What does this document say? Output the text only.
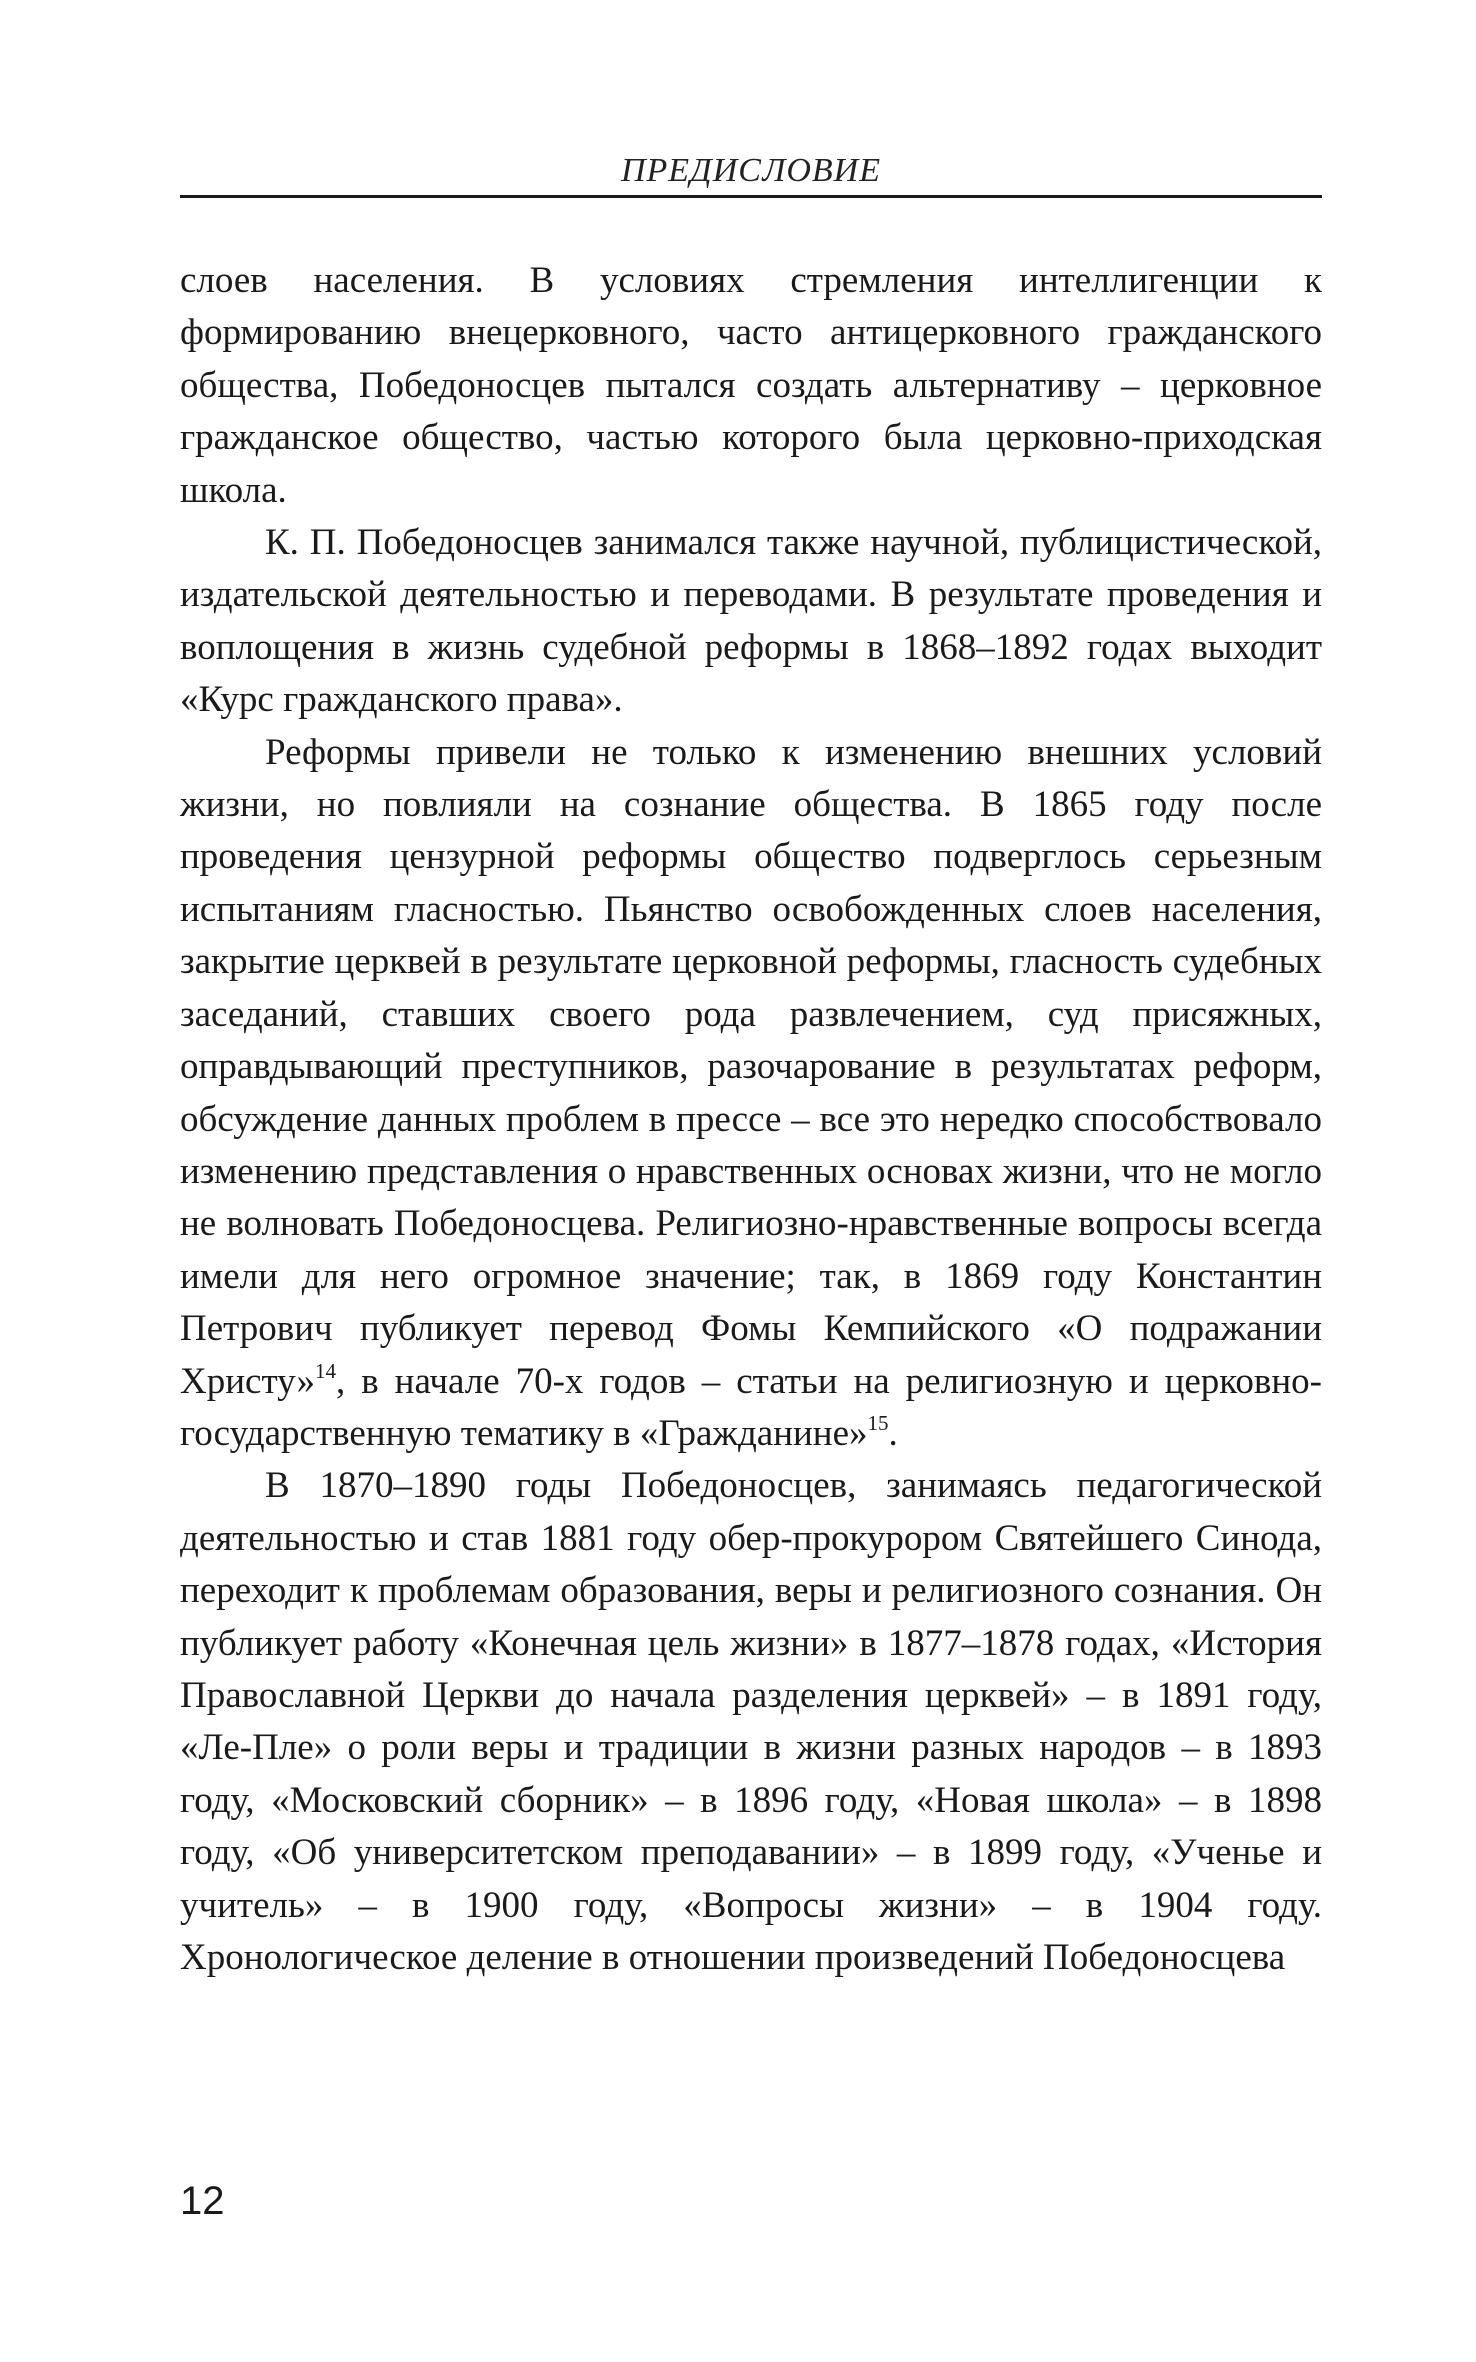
ПРЕДИСЛОВИЕ

слоев населения. В условиях стремления интеллигенции к формированию внецерковного, часто антицерковного гражданского общества, Победоносцев пытался создать альтернативу – церковное гражданское общество, частью которого была церковно-приходская школа.

К. П. Победоносцев занимался также научной, публицистической, издательской деятельностью и переводами. В результате проведения и воплощения в жизнь судебной реформы в 1868–1892 годах выходит «Курс гражданского права».

Реформы привели не только к изменению внешних условий жизни, но повлияли на сознание общества. В 1865 году после проведения цензурной реформы общество подверглось серьезным испытаниям гласностью. Пьянство освобожденных слоев населения, закрытие церквей в результате церковной реформы, гласность судебных заседаний, ставших своего рода развлечением, суд присяжных, оправдывающий преступников, разочарование в результатах реформ, обсуждение данных проблем в прессе – все это нередко способствовало изменению представления о нравственных основах жизни, что не могло не волновать Победоносцева. Религиозно-нравственные вопросы всегда имели для него огромное значение; так, в 1869 году Константин Петрович публикует перевод Фомы Кемпийского «О подражании Христу»$^{14}$, в начале 70-х годов – статьи на религиозную и церковно-государственную тематику в «Гражданине»$^{15}$.

В 1870–1890 годы Победоносцев, занимаясь педагогической деятельностью и став 1881 году обер-прокурором Святейшего Синода, переходит к проблемам образования, веры и религиозного сознания. Он публикует работу «Конечная цель жизни» в 1877–1878 годах, «История Православной Церкви до начала разделения церквей» – в 1891 году, «Ле-Пле» о роли веры и традиции в жизни разных народов – в 1893 году, «Московский сборник» – в 1896 году, «Новая школа» – в 1898 году, «Об университетском преподавании» – в 1899 году, «Ученье и учитель» – в 1900 году, «Вопросы жизни» – в 1904 году. Хронологическое деление в отношении произведений Победоносцева

12
